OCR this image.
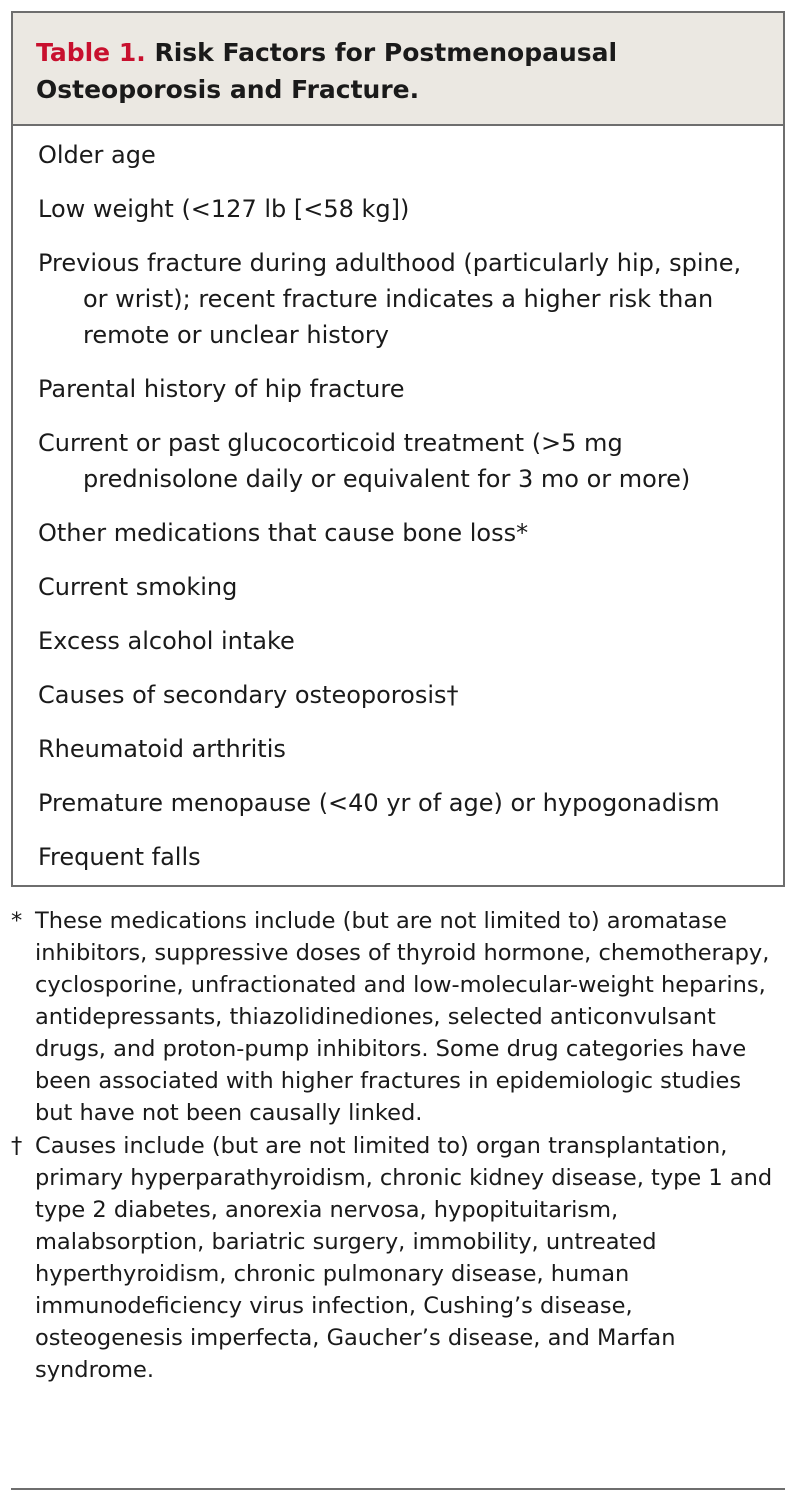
Table 1. Risk Factors for Postmenopausal Osteoporosis and Fracture.
Older age
Low weight (<127 lb [<58 kg])
Previous fracture during adulthood (particularly hip, spine, or wrist); recent fracture indicates a higher risk than remote or unclear history
Parental history of hip fracture
Current or past glucocorticoid treatment (>5 mg prednisolone daily or equivalent for 3 mo or more)
Other medications that cause bone loss*
Current smoking
Excess alcohol intake
Causes of secondary osteoporosis†
Rheumatoid arthritis
Premature menopause (<40 yr of age) or hypogonadism
Frequent falls

* These medications include (but are not limited to) aromatase inhibitors, suppressive doses of thyroid hormone, chemotherapy, cyclosporine, unfractionated and low-molecular-weight heparins, antidepressants, thiazolidinediones, selected anticonvulsant drugs, and proton-pump inhibitors. Some drug categories have been associated with higher fractures in epidemiologic studies but have not been causally linked.

† Causes include (but are not limited to) organ transplantation, primary hyperparathyroidism, chronic kidney disease, type 1 and type 2 diabetes, anorexia nervosa, hypopituitarism, malabsorption, bariatric surgery, immobility, untreated hyperthyroidism, chronic pulmonary disease, human immunodeficiency virus infection, Cushing’s disease, osteogenesis imperfecta, Gaucher’s disease, and Marfan syndrome.
